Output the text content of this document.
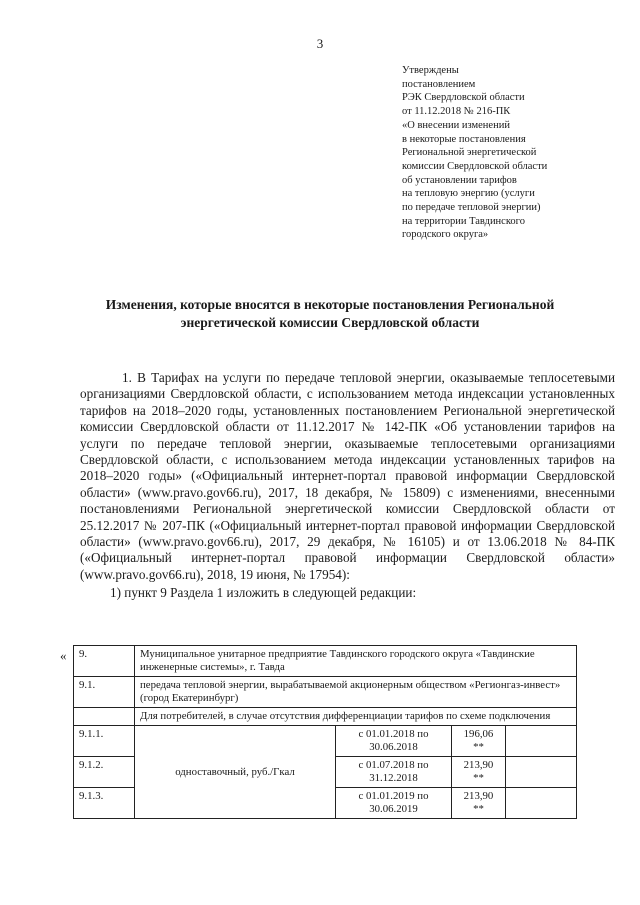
3
Утверждены
постановлением
РЭК Свердловской области
от 11.12.2018 № 216-ПК
«О внесении изменений
в некоторые постановления
Региональной энергетической
комиссии Свердловской области
об установлении тарифов
на тепловую энергию (услуги
по передаче тепловой энергии)
на территории Тавдинского
городского округа»
Изменения, которые вносятся в некоторые постановления Региональной
энергетической комиссии Свердловской области

1. В Тарифах на услуги по передаче тепловой энергии, оказываемые теплосетевыми организациями Свердловской области, с использованием метода индексации установленных тарифов на 2018–2020 годы, установленных постановлением Региональной энергетической комиссии Свердловской области от 11.12.2017 № 142-ПК «Об установлении тарифов на услуги по передаче тепловой энергии, оказываемые теплосетевыми организациями Свердловской области, с использованием метода индексации установленных тарифов на 2018–2020 годы» («Официальный интернет-портал правовой информации Свердловской области» (www.pravo.gov66.ru), 2017, 18 декабря, № 15809) с изменениями, внесенными постановлениями Региональной энергетической комиссии Свердловской области от 25.12.2017 № 207-ПК («Официальный интернет-портал правовой информации Свердловской области» (www.pravo.gov66.ru), 2017, 29 декабря, № 16105) и от 13.06.2018 № 84-ПК («Официальный интернет-портал правовой информации Свердловской области» (www.pravo.gov66.ru), 2018, 19 июня, № 17954):

1) пункт 9 Раздела 1 изложить в следующей редакции:

« 9.	Муниципальное унитарное предприятие Тавдинского городского округа «Тавдинские инженерные системы», г. Тавда			
9.1.	передача тепловой энергии, вырабатываемой акционерным обществом «Регионгаз-инвест» (город Екатеринбург)			
	Для потребителей, в случае отсутствия дифференциации тарифов по схеме подключения			
9.1.1.	одноставочный, руб./Гкал	с 01.01.2018 по 30.06.2018	196,06 **	
9.1.2.		с 01.07.2018 по 31.12.2018	213,90 **	
9.1.3.		с 01.01.2019 по 30.06.2019	213,90 **	
